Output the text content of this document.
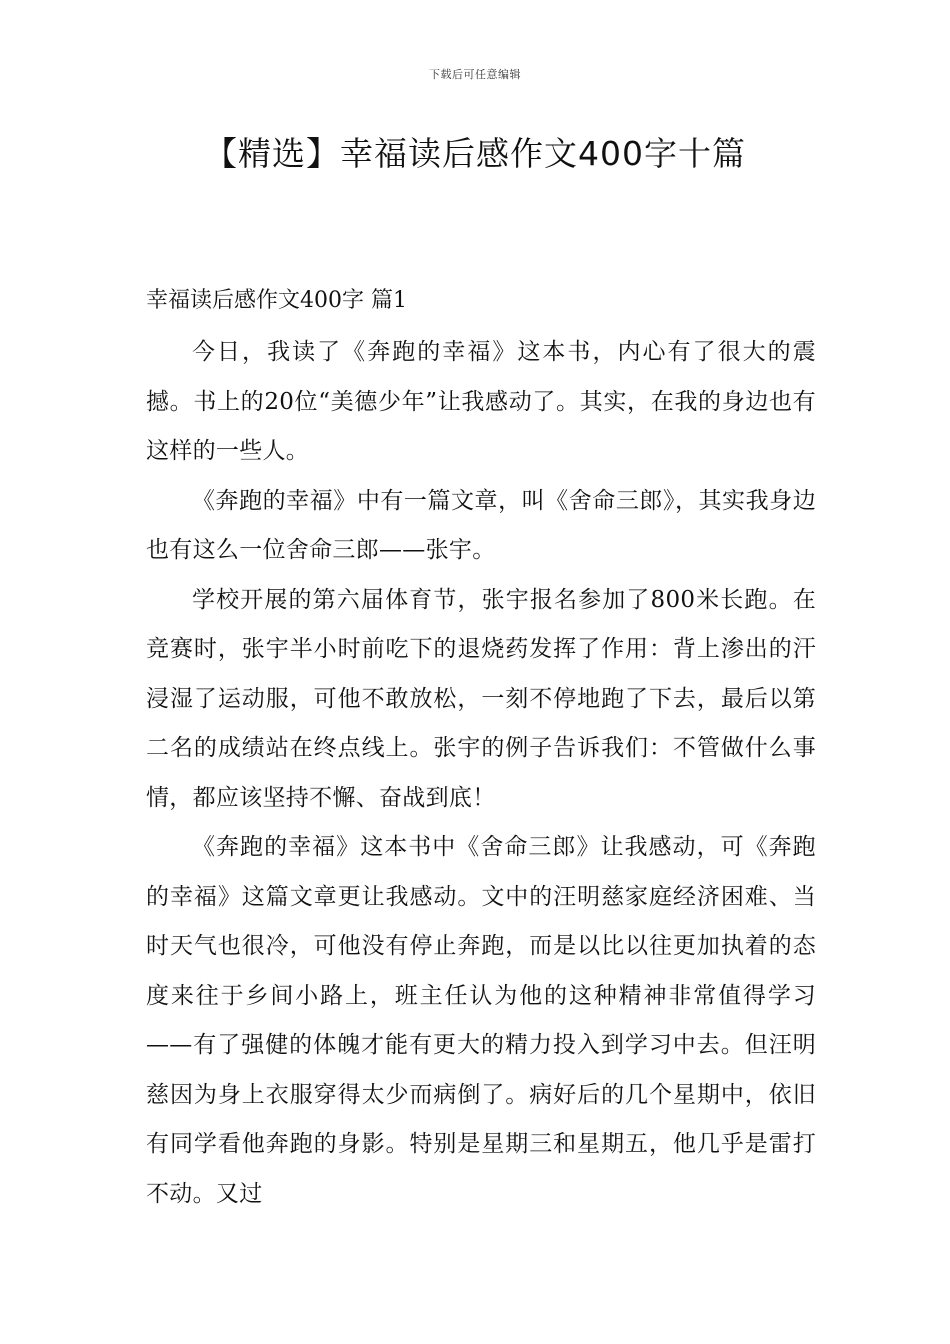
下载后可任意编辑
【精选】幸福读后感作文400字十篇
幸福读后感作文400字 篇1

今日，我读了《奔跑的幸福》这本书，内心有了很大的震撼。书上的20位“美德少年”让我感动了。其实，在我的身边也有这样的一些人。

《奔跑的幸福》中有一篇文章，叫《舍命三郎》，其实我身边也有这么一位舍命三郎——张宇。

学校开展的第六届体育节，张宇报名参加了800米长跑。在竞赛时，张宇半小时前吃下的退烧药发挥了作用：背上渗出的汗浸湿了运动服，可他不敢放松，一刻不停地跑了下去，最后以第二名的成绩站在终点线上。张宇的例子告诉我们：不管做什么事情，都应该坚持不懈、奋战到底！

《奔跑的幸福》这本书中《舍命三郎》让我感动，可《奔跑的幸福》这篇文章更让我感动。文中的汪明慈家庭经济困难、当时天气也很冷，可他没有停止奔跑，而是以比以往更加执着的态度来往于乡间小路上，班主任认为他的这种精神非常值得学习——有了强健的体魄才能有更大的精力投入到学习中去。但汪明慈因为身上衣服穿得太少而病倒了。病好后的几个星期中，依旧有同学看他奔跑的身影。特别是星期三和星期五，他几乎是雷打不动。又过
